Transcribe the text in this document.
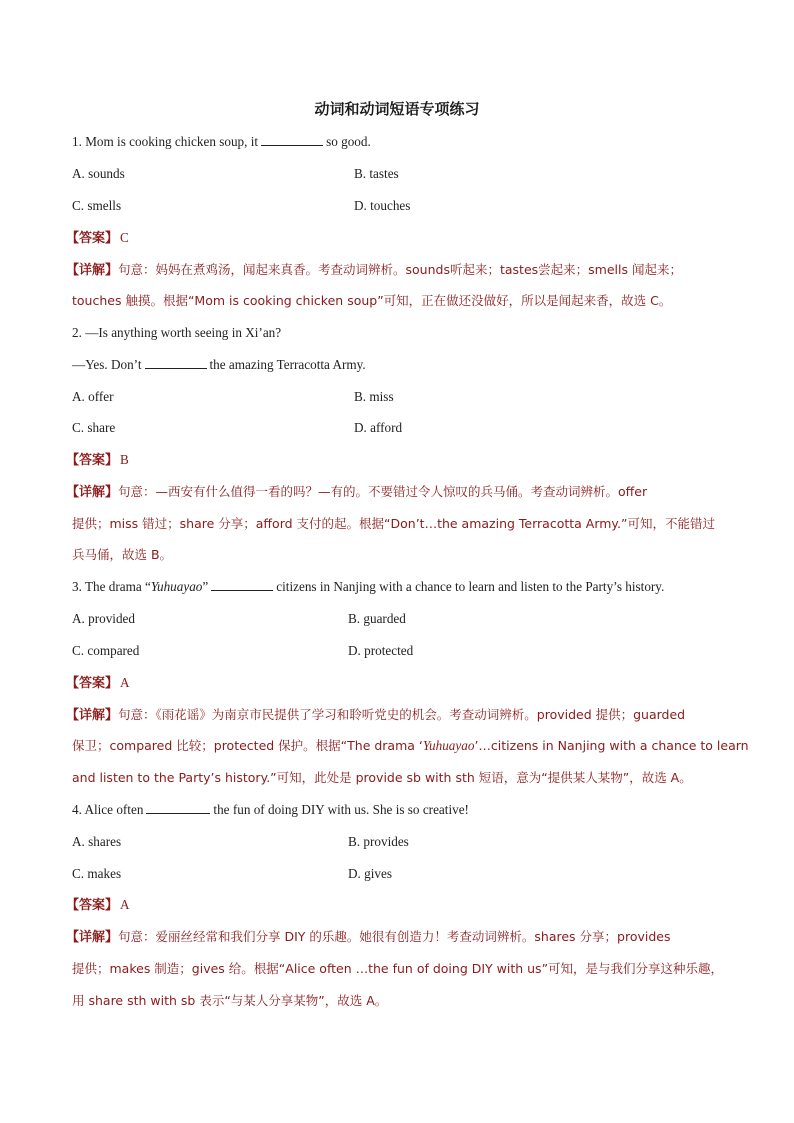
动词和动词短语专项练习
1. Mom is cooking chicken soup, it	so good.
A. sounds	B. tastes
C. smells	D. touches
【答案】 C
【详解】句意：妈妈在煮鸡汤，闻起来真香。考查动词辨析。sounds听起来；tastes尝起来；smells 闻起来；
touches 触摸。根据“Mom is cooking chicken soup”可知，正在做还没做好，所以是闻起来香，故选 C。
2. —Is anything worth seeing in Xi’an?
—Yes. Don’t	the amazing Terracotta Army.
A. offer	B. miss
C. share	D. afford
【答案】 B
【详解】句意：—西安有什么值得一看的吗？—有的。不要错过令人惊叹的兵马俑。考查动词辨析。offer
提供；miss 错过；share 分享；afford 支付的起。根据“Don’t…the amazing Terracotta Army.”可知，不能错过
兵马俑，故选 B。
3. The drama “Yuhuayao”	citizens in Nanjing with a chance to learn and listen to the Party’s history.
A. provided	B. guarded
C. compared	D. protected
【答案】 A
【详解】句意：《雨花谣》为南京市民提供了学习和聆听党史的机会。考查动词辨析。provided 提供；guarded
保卫；compared 比较；protected 保护。根据“The drama ‘Yuhuayao’…citizens in Nanjing with a chance to learn
and listen to the Party’s history.”可知，此处是 provide sb with sth 短语，意为“提供某人某物”，故选 A。
4. Alice often	the fun of doing DIY with us. She is so creative!
A. shares	B. provides
C. makes	D. gives
【答案】 A
【详解】句意：爱丽丝经常和我们分享 DIY 的乐趣。她很有创造力！考查动词辨析。shares 分享；provides
提供；makes 制造；gives 给。根据“Alice often …the fun of doing DIY with us”可知，是与我们分享这种乐趣，
用 share sth with sb 表示“与某人分享某物”，故选 A。
